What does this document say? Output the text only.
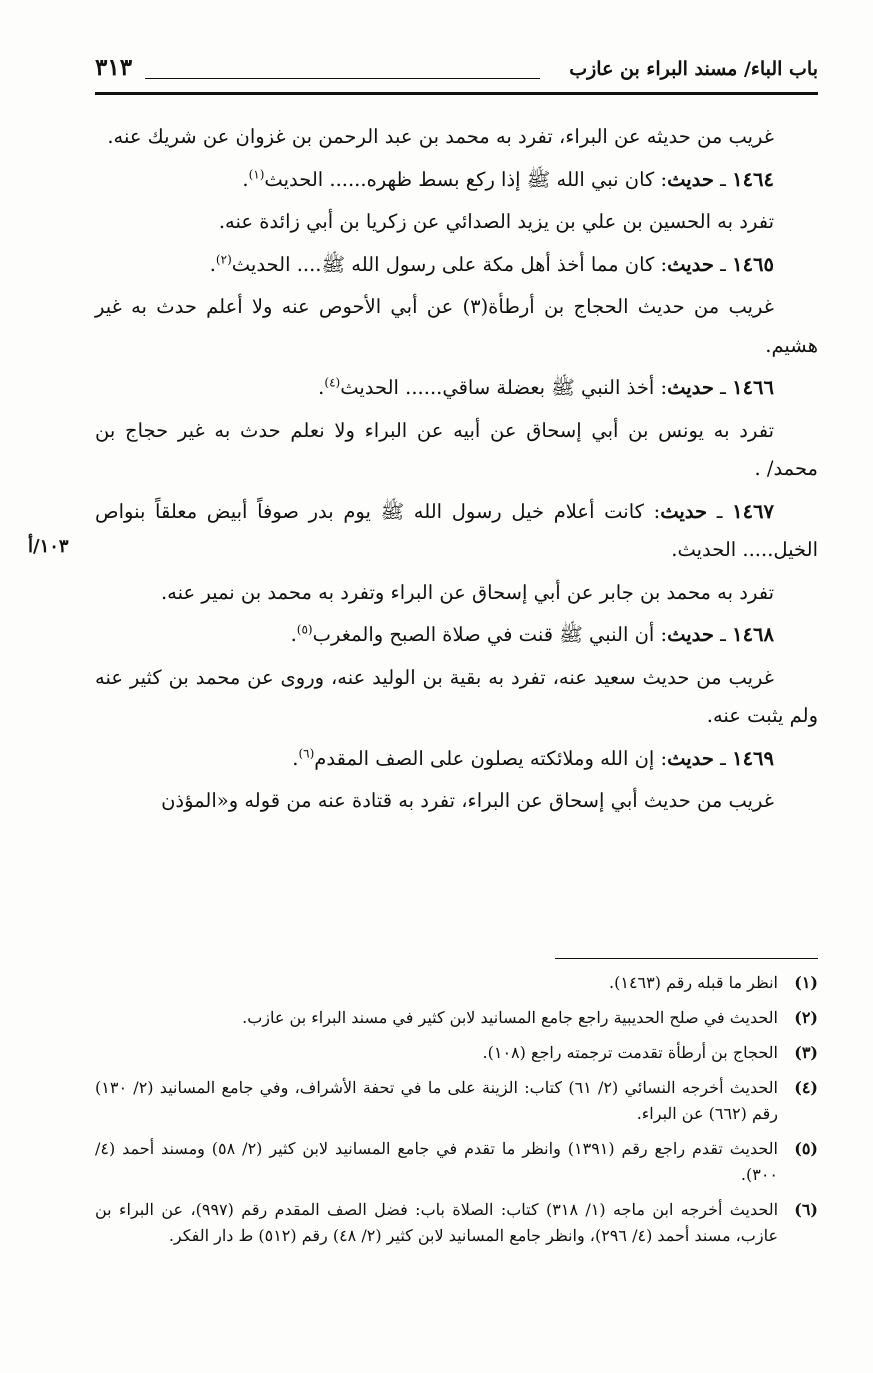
باب الباء/ مسند البراء بن عازب
٣١٣
١٠٣/أ

غريب من حديثه عن البراء، تفرد به محمد بن عبد الرحمن بن غزوان عن شريك عنه.

١٤٦٤ ـ حديث: كان نبي الله ﷺ إذا ركع بسط ظهره...... الحديث$^{(١)}$.

تفرد به الحسين بن علي بن يزيد الصدائي عن زكريا بن أبي زائدة عنه.

١٤٦٥ ـ حديث: كان مما أخذ أهل مكة على رسول الله ﷺ.... الحديث$^{(٢)}$.

غريب من حديث الحجاج بن أرطأة(٣) عن أبي الأحوص عنه ولا أعلم حدث به غير هشيم.

١٤٦٦ ـ حديث: أخذ النبي ﷺ بعضلة ساقي...... الحديث$^{(٤)}$.

تفرد به يونس بن أبي إسحاق عن أبيه عن البراء ولا نعلم حدث به غير حجاج بن محمد/ .

١٤٦٧ ـ حديث: كانت أعلام خيل رسول الله ﷺ يوم بدر صوفاً أبيض معلقاً بنواص الخيل..... الحديث.

تفرد به محمد بن جابر عن أبي إسحاق عن البراء وتفرد به محمد بن نمير عنه.

١٤٦٨ ـ حديث: أن النبي ﷺ قنت في صلاة الصبح والمغرب$^{(٥)}$.

غريب من حديث سعيد عنه، تفرد به بقية بن الوليد عنه، وروى عن محمد بن كثير عنه ولم يثبت عنه.

١٤٦٩ ـ حديث: إن الله وملائكته يصلون على الصف المقدم$^{(٦)}$.

غريب من حديث أبي إسحاق عن البراء، تفرد به قتادة عنه من قوله و«المؤذن

(١)
انظر ما قبله رقم (١٤٦٣).

(٢)
الحديث في صلح الحديبية راجع جامع المسانيد لابن كثير في مسند البراء بن عازب.

(٣)
الحجاج بن أرطأة تقدمت ترجمته راجع (١٠٨).

(٤)
الحديث أخرجه النسائي (٢/ ٦١) كتاب: الزينة على ما في تحفة الأشراف، وفي جامع المسانيد (٢/ ١٣٠) رقم (٦٦٢) عن البراء.

(٥)
الحديث تقدم راجع رقم (١٣٩١) وانظر ما تقدم في جامع المسانيد لابن كثير (٢/ ٥٨) ومسند أحمد (٤/ ٣٠٠).

(٦)
الحديث أخرجه ابن ماجه (١/ ٣١٨) كتاب: الصلاة باب: فضل الصف المقدم رقم (٩٩٧)، عن البراء بن عازب، مسند أحمد (٤/ ٢٩٦)، وانظر جامع المسانيد لابن كثير (٢/ ٤٨) رقم (٥١٢) ط دار الفكر.
